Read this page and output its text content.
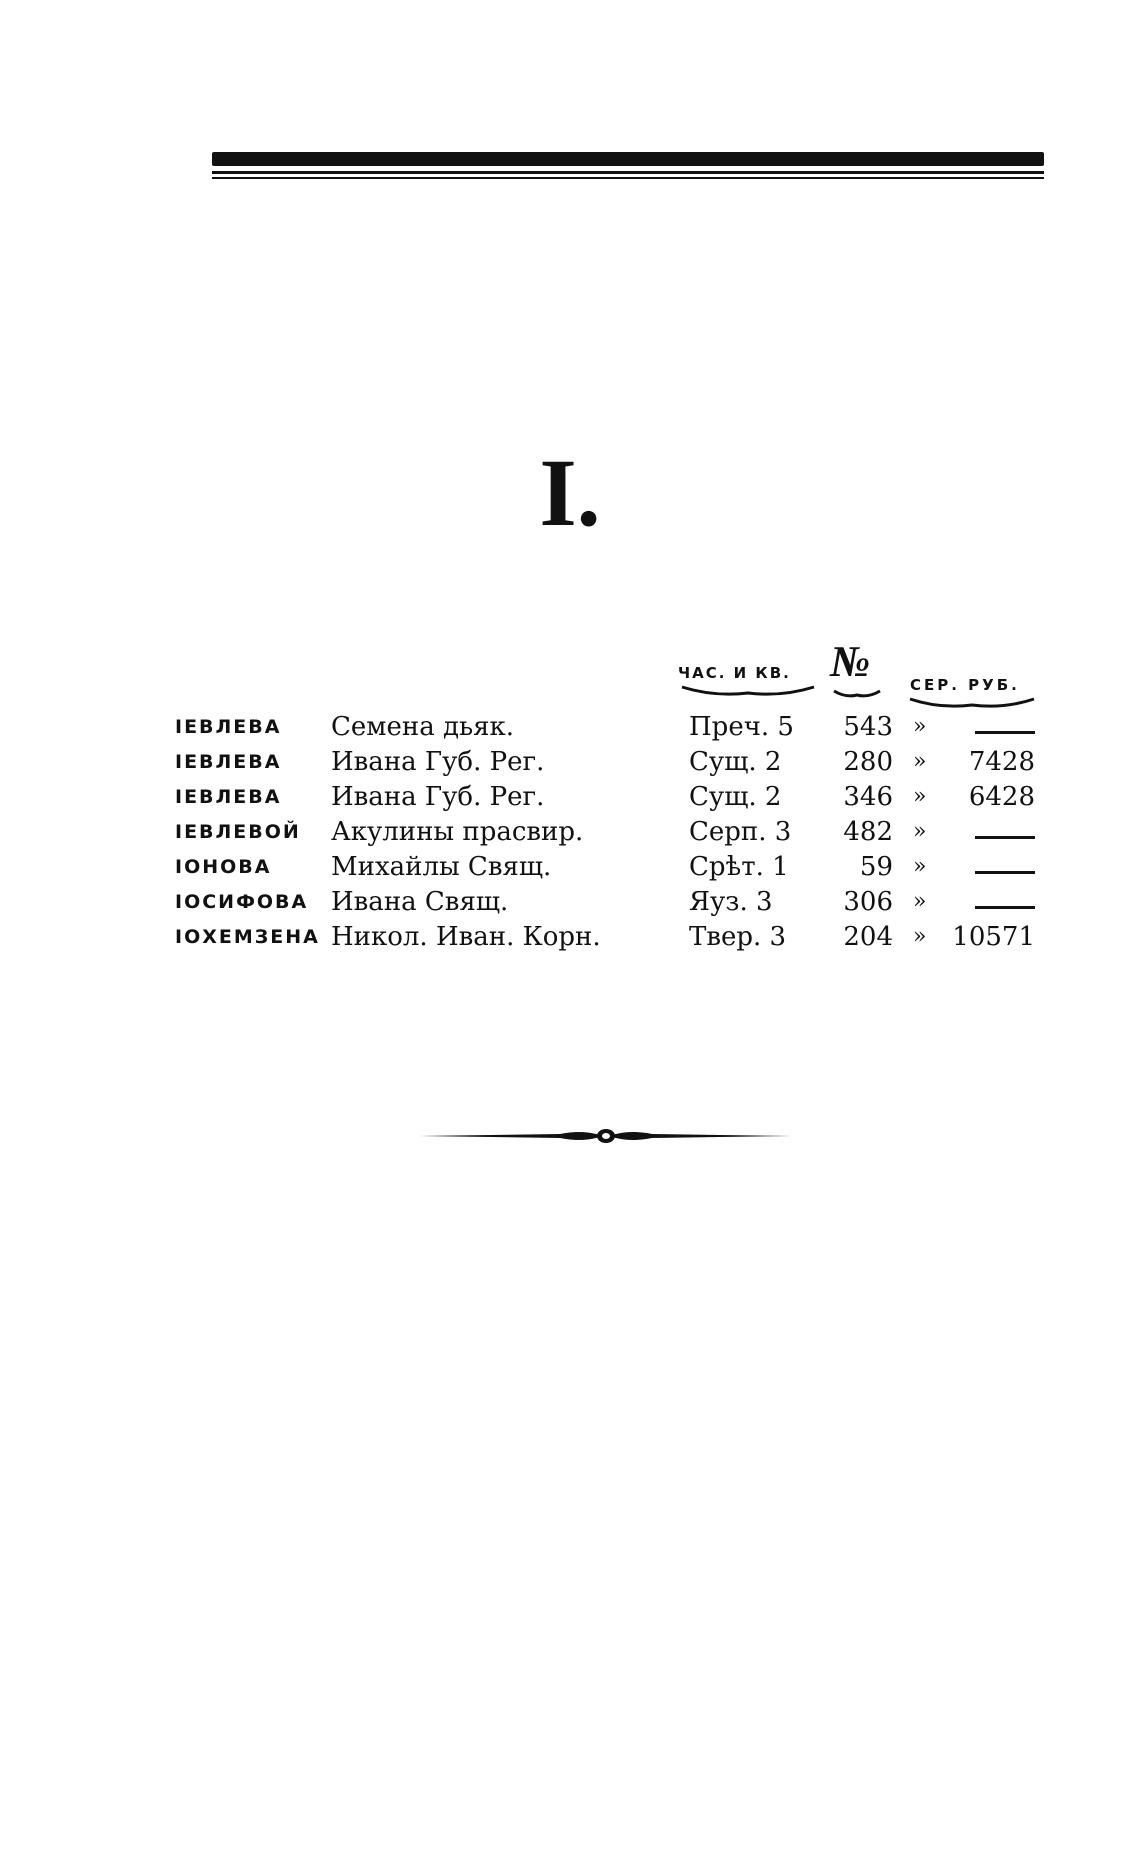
I.
ЧАС. И КВ. №	СЕР. РУБ.
ІЕВЛЕВА Семена дьяк.	Преч. 5	543 »
ІЕВЛЕВА Ивана Губ. Рег.	Сущ. 2	280 » 7428
ІЕВЛЕВА Ивана Губ. Рег.	Сущ. 2	346 » 6428
ІЕВЛЕВОЙ Акулины прасвир.	Серп. 3	482 »
ІОНОВА Михайлы Свящ.	Срѣт. 1	59 »
ІОСИФОВА Ивана Свящ.	Яуз. 3	306 »
ІОХЕМЗЕНА Никол. Иван. Корн.	Твер. 3	204 » 10571
